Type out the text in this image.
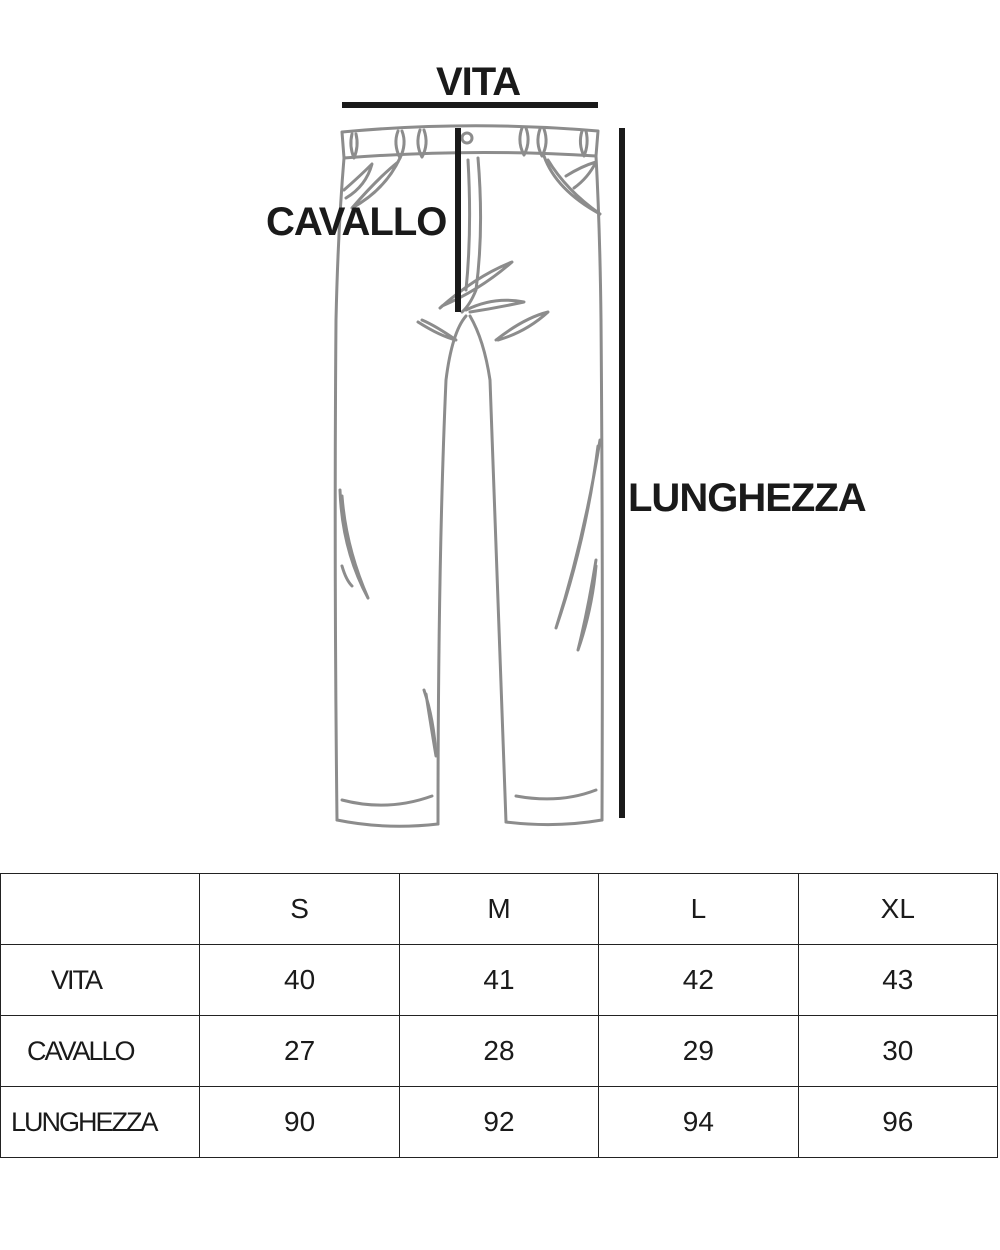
VITA
CAVALLO
LUNGHEZZA
	S	M	L	XL
VITA	40	41	42	43
CAVALLO	27	28	29	30
LUNGHEZZA	90	92	94	96
